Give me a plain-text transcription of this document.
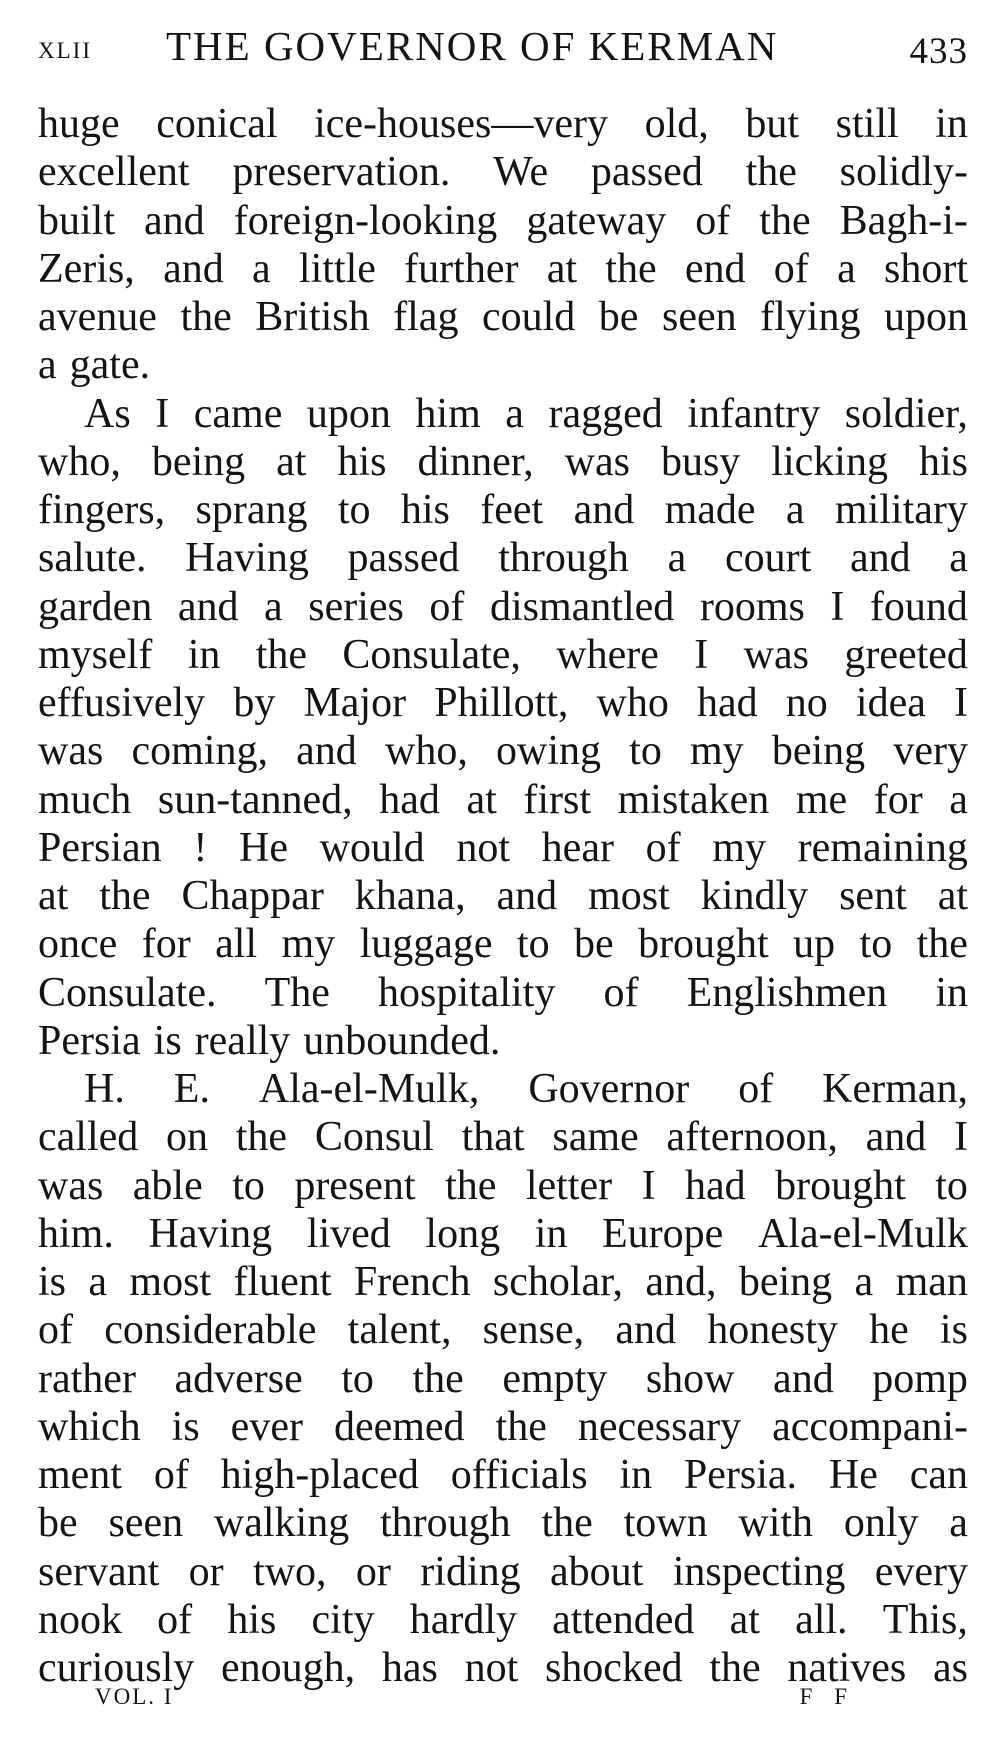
XLII THE GOVERNOR OF KERMAN	433
huge conical ice-houses—very old, but still in
excellent preservation. We passed the solidly-
built and foreign-looking gateway of the Bagh-i-
Zeris, and a little further at the end of a short
avenue the British flag could be seen flying upon
a gate.
As I came upon him a ragged infantry soldier,
who, being at his dinner, was busy licking his
fingers, sprang to his feet and made a military
salute. Having passed through a court and a
garden and a series of dismantled rooms I found
myself in the Consulate, where I was greeted
effusively by Major Phillott, who had no idea I
was coming, and who, owing to my being very
much sun-tanned, had at first mistaken me for a
Persian ! He would not hear of my remaining
at the Chappar khana, and most kindly sent at
once for all my luggage to be brought up to the
Consulate. The hospitality of Englishmen in
Persia is really unbounded.
H. E. Ala-el-Mulk, Governor of Kerman,
called on the Consul that same afternoon, and I
was able to present the letter I had brought to
him. Having lived long in Europe Ala-el-Mulk
is a most fluent French scholar, and, being a man
of considerable talent, sense, and honesty he is
rather adverse to the empty show and pomp
which is ever deemed the necessary accompani-
ment of high-placed officials in Persia. He can
be seen walking through the town with only a
servant or two, or riding about inspecting every
nook of his city hardly attended at all. This,
curiously enough, has not shocked the natives as
VOL. I	F F
